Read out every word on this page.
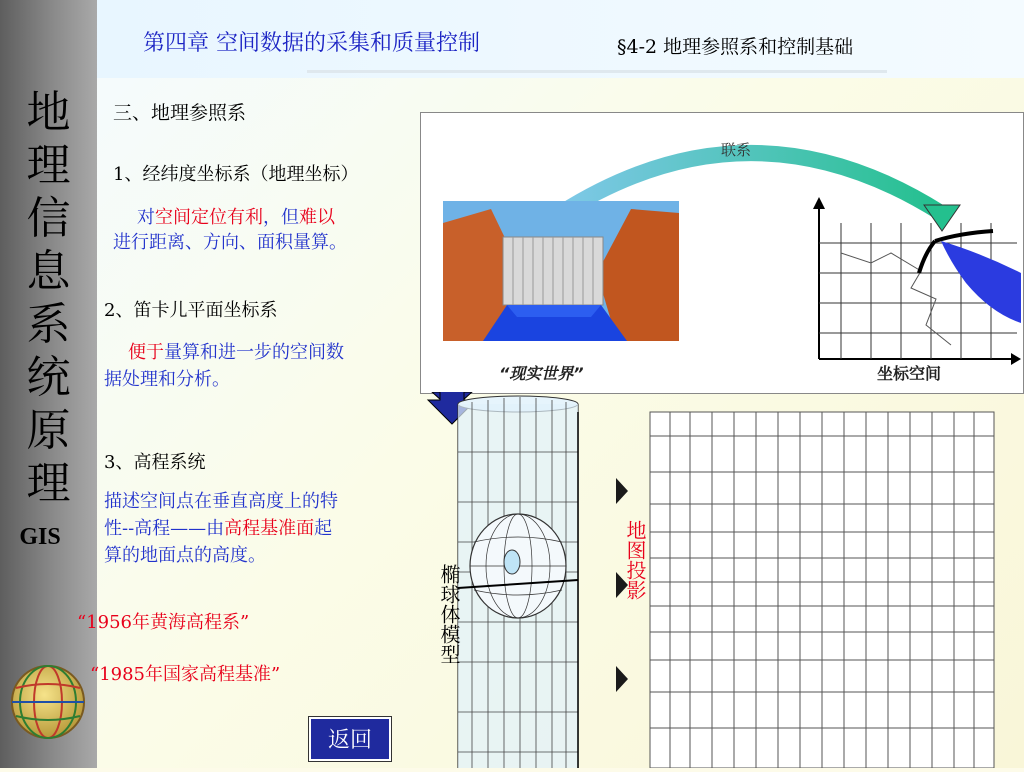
地
理
信
息
系
统
原
理
GIS
第四章 空间数据的采集和质量控制	§4-2 地理参照系和控制基础
三、地理参照系
1、经纬度坐标系（地理坐标）
对空间定位有利，但难以
进行距离、方向、面积量算。
2、笛卡儿平面坐标系
便于量算和进一步的空间数
据处理和分析。
3、高程系统
描述空间点在垂直高度上的特
性--高程——由高程基准面起
算的地面点的高度。
“1956年黄海高程系”
“1985年国家高程基准”
联系
“现实世界”	坐标空间
椭球体模型
地图投影
返回
